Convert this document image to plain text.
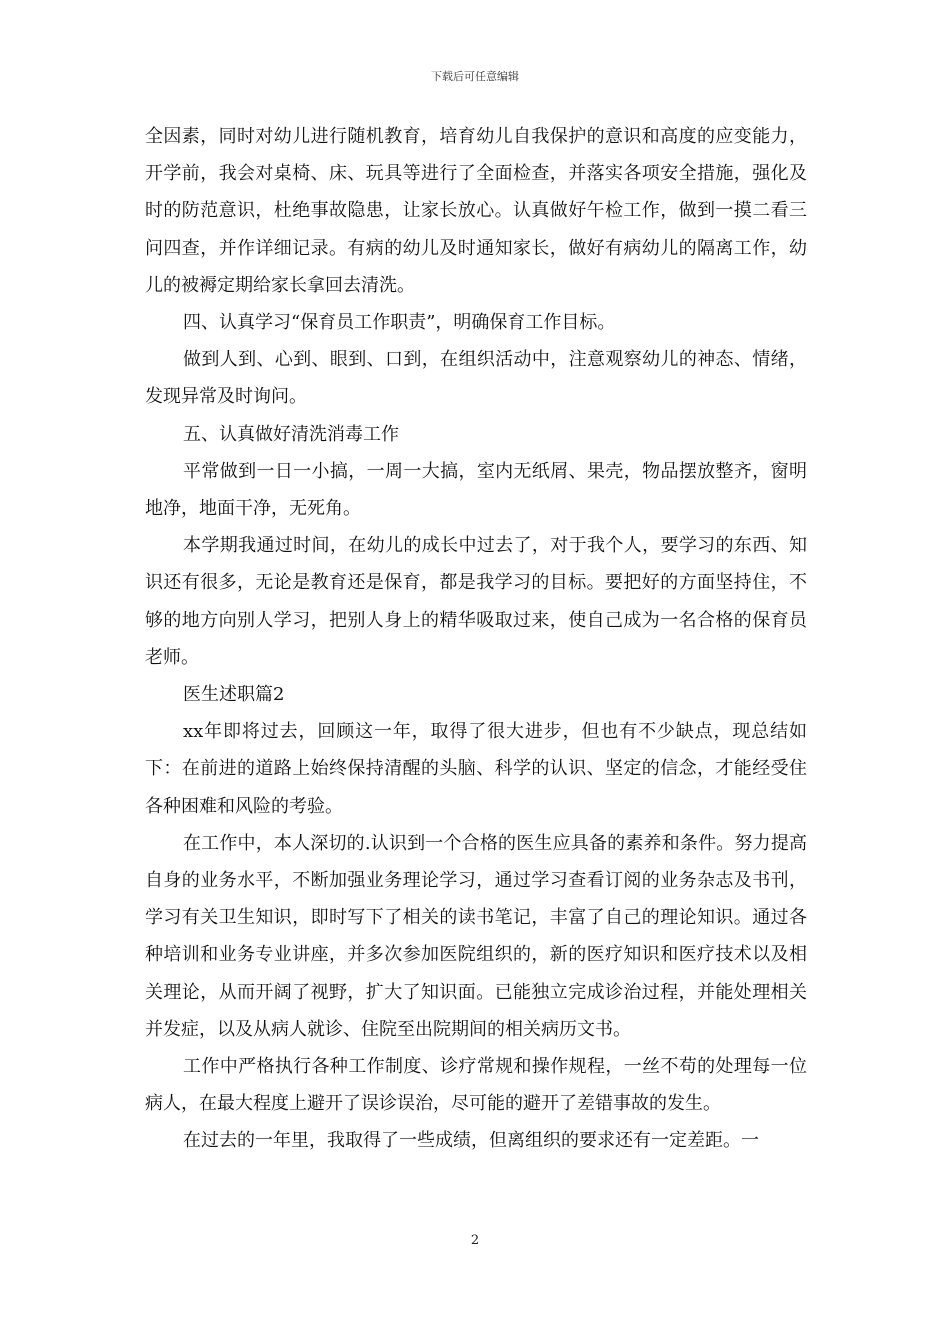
下载后可任意编辑

全因素，同时对幼儿进行随机教育，培育幼儿自我保护的意识和高度的应变能力，开学前，我会对桌椅、床、玩具等进行了全面检查，并落实各项安全措施，强化及时的防范意识，杜绝事故隐患，让家长放心。认真做好午检工作，做到一摸二看三问四查，并作详细记录。有病的幼儿及时通知家长，做好有病幼儿的隔离工作，幼儿的被褥定期给家长拿回去清洗。

四、认真学习“保育员工作职责”，明确保育工作目标。

做到人到、心到、眼到、口到，在组织活动中，注意观察幼儿的神态、情绪，发现异常及时询问。

五、认真做好清洗消毒工作

平常做到一日一小搞，一周一大搞，室内无纸屑、果壳，物品摆放整齐，窗明地净，地面干净，无死角。

本学期我通过时间，在幼儿的成长中过去了，对于我个人，要学习的东西、知识还有很多，无论是教育还是保育，都是我学习的目标。要把好的方面坚持住，不够的地方向别人学习，把别人身上的精华吸取过来，使自己成为一名合格的保育员老师。

医生述职篇2

xx年即将过去，回顾这一年，取得了很大进步，但也有不少缺点，现总结如下：在前进的道路上始终保持清醒的头脑、科学的认识、坚定的信念，才能经受住各种困难和风险的考验。

在工作中，本人深切的.认识到一个合格的医生应具备的素养和条件。努力提高自身的业务水平，不断加强业务理论学习，通过学习查看订阅的业务杂志及书刊，学习有关卫生知识，即时写下了相关的读书笔记，丰富了自己的理论知识。通过各种培训和业务专业讲座，并多次参加医院组织的，新的医疗知识和医疗技术以及相关理论，从而开阔了视野，扩大了知识面。已能独立完成诊治过程，并能处理相关并发症，以及从病人就诊、住院至出院期间的相关病历文书。

工作中严格执行各种工作制度、诊疗常规和操作规程，一丝不苟的处理每一位病人，在最大程度上避开了误诊误治，尽可能的避开了差错事故的发生。

在过去的一年里，我取得了一些成绩，但离组织的要求还有一定差距。一

2
